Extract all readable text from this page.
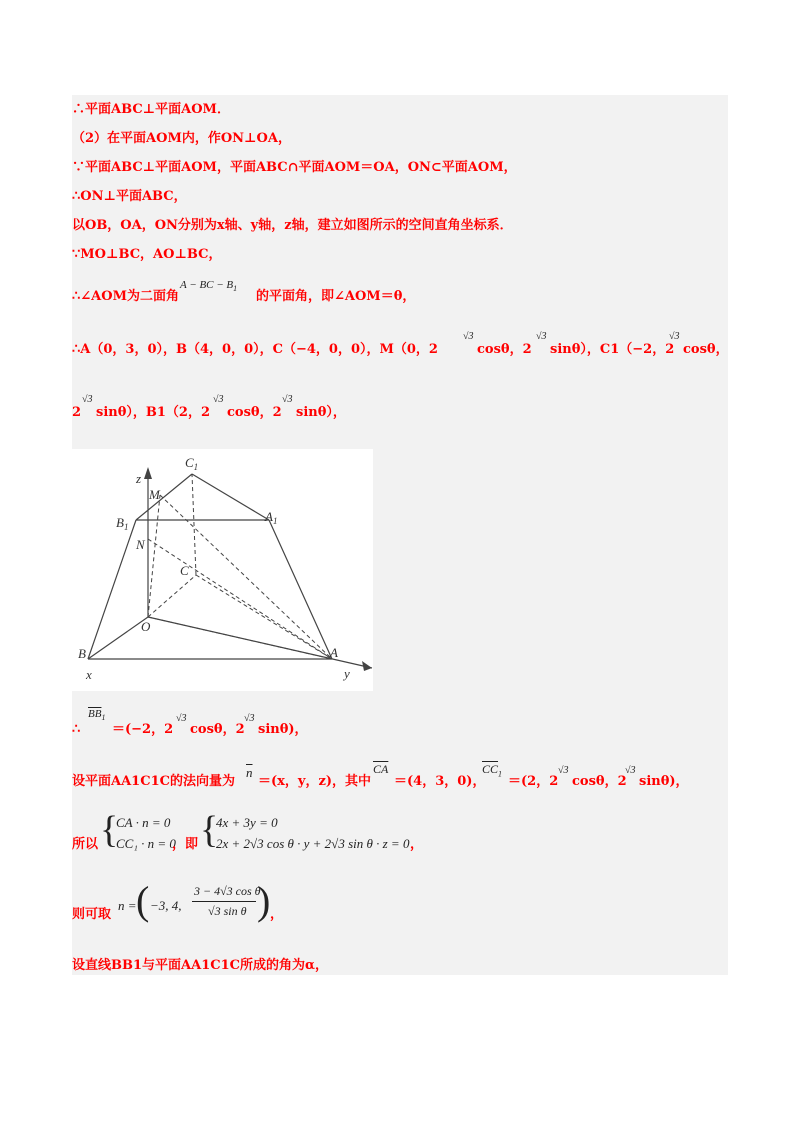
∴平面ABC⊥平面AOM．
（2）在平面AOM内，作ON⊥OA，
∵平面ABC⊥平面AOM，平面ABC∩平面AOM＝OA，ON⊂平面AOM，
∴ON⊥平面ABC，
以OB，OA，ON分别为x轴、y轴，z轴，建立如图所示的空间直角坐标系．
∵MO⊥BC，AO⊥BC，
∴∠AOM为二面角
A − BC − $B_1$
的平面角，即∠AOM＝θ，
∴A（0，3，0），B（4，0，0），C（−4，0，0），M（0，2
√3
cosθ，2
√3
sinθ），C1（−2，2
√3
cosθ，
2
√3
sinθ），B1（2，2
√3
cosθ，2
√3
sinθ），
$C_1$
$A_1$
$B_1$
M
N
C
O
B	A
x	y
z
∴
$\overline{BB}_1$
＝(−2，2
√3
cosθ，2
√3
sinθ)，
设平面AA1C1C的法向量为
$\overline{n}$
＝(x，y，z)，其中
$\overline{CA}$
＝(4，3，0)，
$\overline{CC}_1$
＝(2，2
√3
cosθ，2
√3
sinθ)，
所以 {
CA · n = 0
CC₁ · n = 0
，即 {
4x + 3y = 0
2x + 2√3 cos θ · y + 2√3 sin θ · z = 0 ，
则可取
n = ( −3, 4,
3 − 4√3 cos θ
√3 sin θ ) ，
设直线BB1与平面AA1C1C所成的角为α，
